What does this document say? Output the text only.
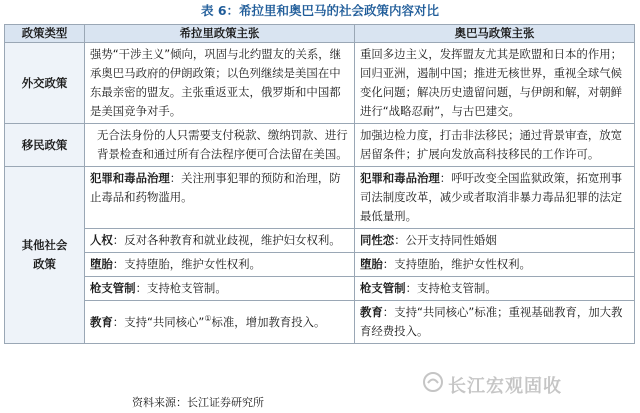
表 6：希拉里和奥巴马的社会政策内容对比
政策类型	希拉里政策主张	奥巴马政策主张
外交政策	强势“干涉主义”倾向，巩固与北约盟友的关系，继承奥巴马政府的伊朗政策；以色列继续是美国在中东最亲密的盟友。主张重返亚太，俄罗斯和中国都是美国竞争对手。	重回多边主义，发挥盟友尤其是欧盟和日本的作用；回归亚洲，遏制中国；推进无核世界，重视全球气候变化问题；解决历史遗留问题，与伊朗和解，对朝鲜进行“战略忍耐”，与古巴建交。
移民政策	无合法身份的人只需要支付税款、缴纳罚款、进行背景检查和通过所有合法程序便可合法留在美国。	加强边检力度，打击非法移民；通过背景审查，放宽居留条件；扩展向发放高科技移民的工作许可。
其他社会政策	犯罪和毒品治理：关注刑事犯罪的预防和治理，防止毒品和药物滥用。	犯罪和毒品治理：呼吁改变全国监狱政策，拓宽刑事司法制度改革，减少或者取消非暴力毒品犯罪的法定最低量刑。
	人权：反对各种教育和就业歧视，维护妇女权利。	同性恋：公开支持同性婚姻
	堕胎：支持堕胎，维护女性权利。	堕胎：支持堕胎，维护女性权利。
	枪支管制：支持枪支管制。	枪支管制：支持枪支管制。
	教育：支持“共同核心”①标准，增加教育投入。	教育：支持“共同核心”标准；重视基础教育，加大教育经费投入。
长江宏观固收
资料来源：长江证券研究所
